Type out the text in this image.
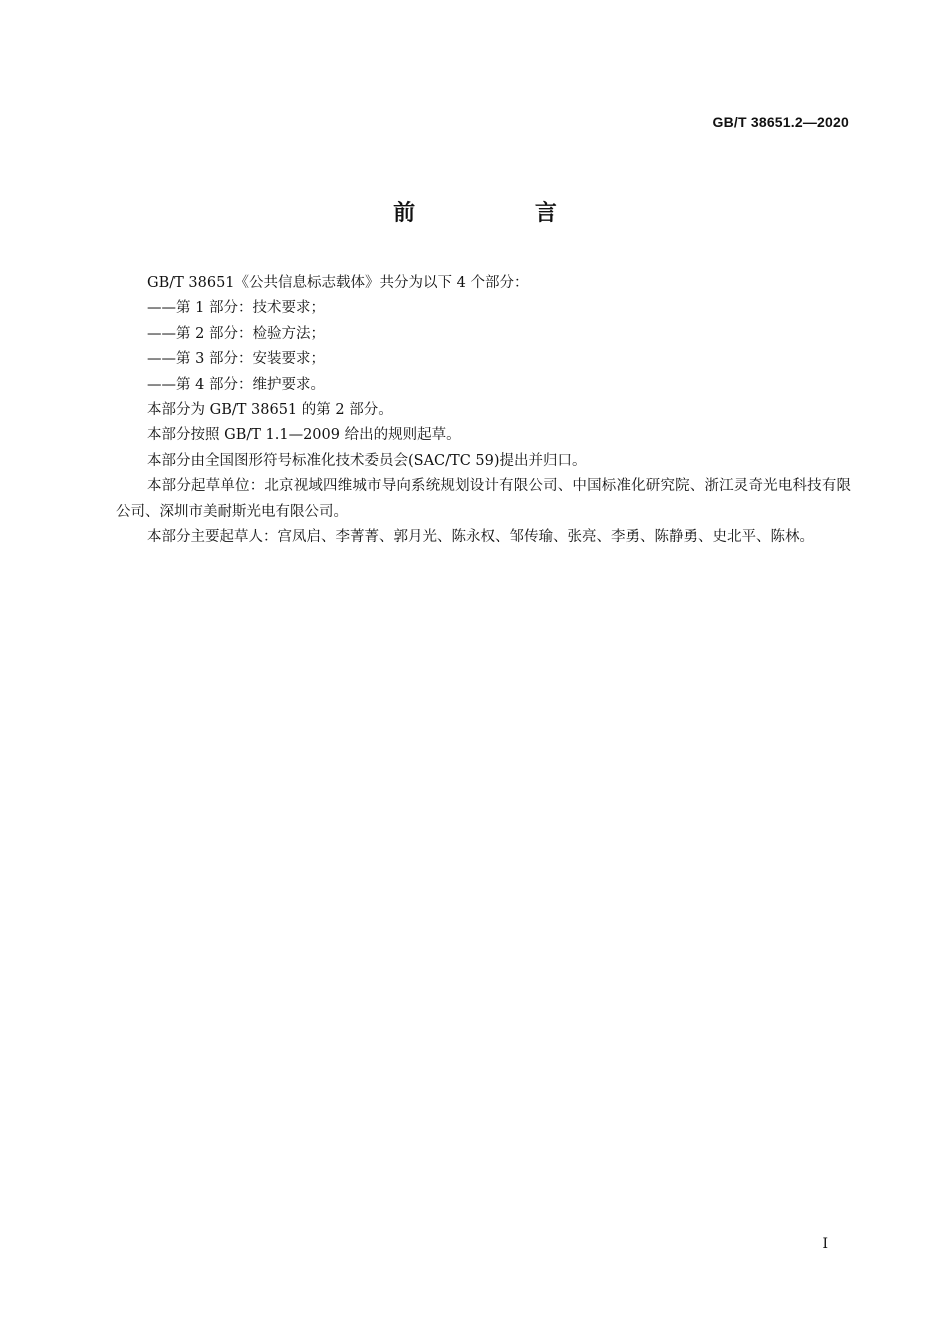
GB/T 38651.2—2020
前 言

GB/T 38651《公共信息标志载体》共分为以下 4 个部分：

——第 1 部分：技术要求；

——第 2 部分：检验方法；

——第 3 部分：安装要求；

——第 4 部分：维护要求。

本部分为 GB/T 38651 的第 2 部分。

本部分按照 GB/T 1.1—2009 给出的规则起草。

本部分由全国图形符号标准化技术委员会(SAC/TC 59)提出并归口。

本部分起草单位：北京视域四维城市导向系统规划设计有限公司、中国标准化研究院、浙江灵奇光电科技有限公司、深圳市美耐斯光电有限公司。

本部分主要起草人：宫凤启、李菁菁、郭月光、陈永权、邹传瑜、张亮、李勇、陈静勇、史北平、陈林。

I
